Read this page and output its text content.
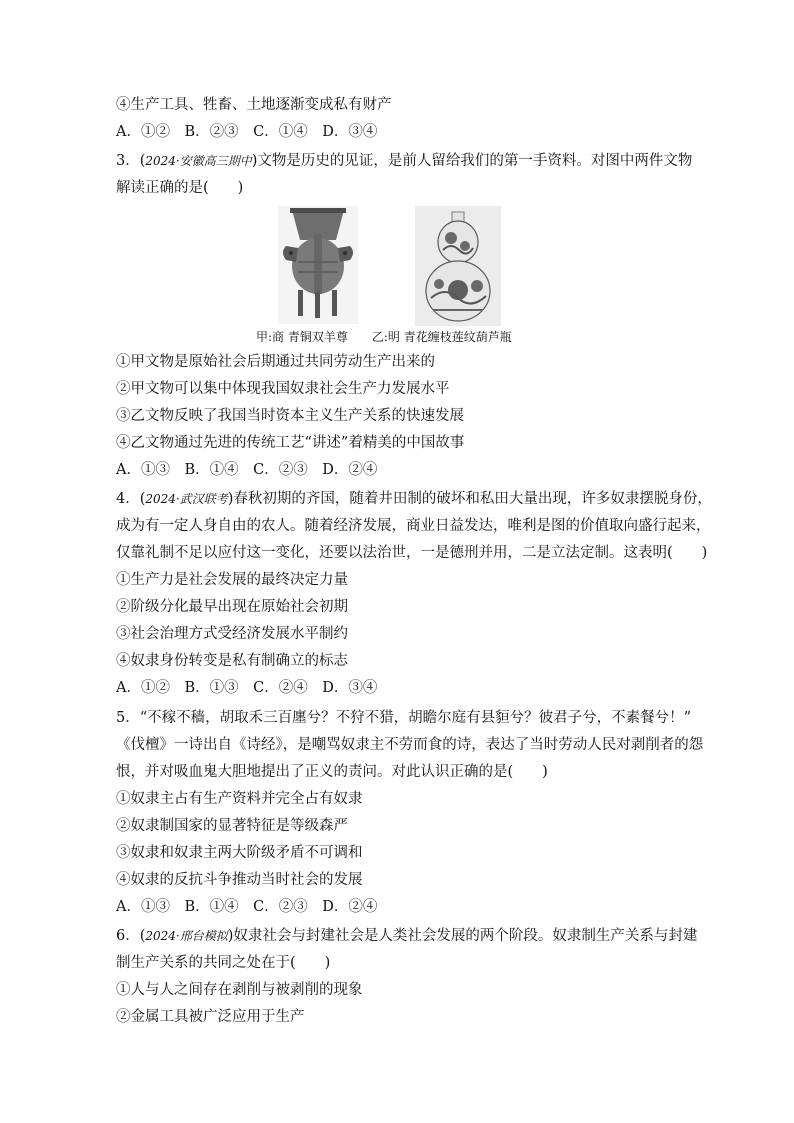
④生产工具、牲畜、土地逐渐变成私有财产
A．①②　B．②③　C．①④　D．③④
3．(2024·安徽高三期中)文物是历史的见证，是前人留给我们的第一手资料。对图中两件文物
解读正确的是(　　)
甲:商 青铜双羊尊　　乙:明 青花缠枝莲纹葫芦瓶
①甲文物是原始社会后期通过共同劳动生产出来的
②甲文物可以集中体现我国奴隶社会生产力发展水平
③乙文物反映了我国当时资本主义生产关系的快速发展
④乙文物通过先进的传统工艺“讲述”着精美的中国故事
A．①③　B．①④　C．②③　D．②④
4．(2024·武汉联考)春秋初期的齐国，随着井田制的破坏和私田大量出现，许多奴隶摆脱身份，
成为有一定人身自由的农人。随着经济发展，商业日益发达，唯利是图的价值取向盛行起来，
仅靠礼制不足以应付这一变化，还要以法治世，一是德刑并用，二是立法定制。这表明(　　)
①生产力是社会发展的最终决定力量
②阶级分化最早出现在原始社会初期
③社会治理方式受经济发展水平制约
④奴隶身份转变是私有制确立的标志
A．①②　B．①③　C．②④　D．③④
5．“不稼不穑，胡取禾三百廛兮？不狩不猎，胡瞻尔庭有县貆兮？彼君子兮，不素餐兮！”
《伐檀》一诗出自《诗经》，是嘲骂奴隶主不劳而食的诗，表达了当时劳动人民对剥削者的怨
恨，并对吸血鬼大胆地提出了正义的责问。对此认识正确的是(　　)
①奴隶主占有生产资料并完全占有奴隶
②奴隶制国家的显著特征是等级森严
③奴隶和奴隶主两大阶级矛盾不可调和
④奴隶的反抗斗争推动当时社会的发展
A．①③　B．①④　C．②③　D．②④
6．(2024·邢台模拟)奴隶社会与封建社会是人类社会发展的两个阶段。奴隶制生产关系与封建
制生产关系的共同之处在于(　　)
①人与人之间存在剥削与被剥削的现象
②金属工具被广泛应用于生产
